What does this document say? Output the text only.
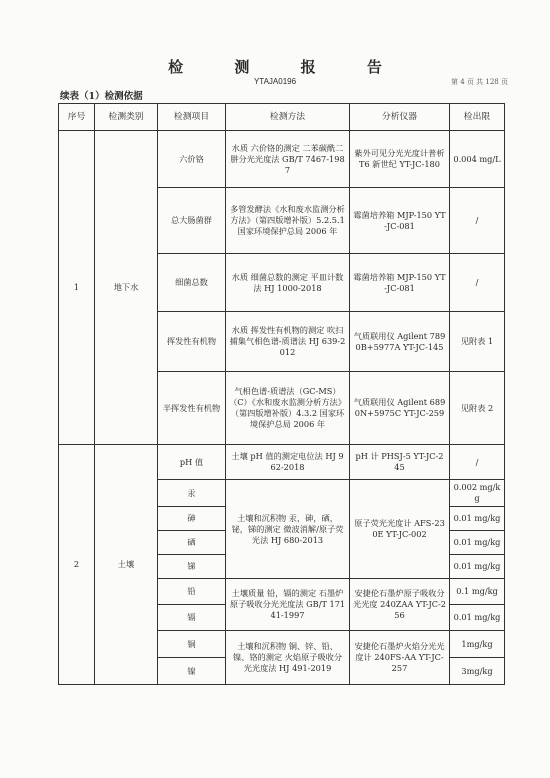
检 测 报 告
YTAJA0196	第 4 页 共 128 页
续表（1）检测依据
序号	检测类别	检测项目	检测方法	分析仪器	检出限
1	地下水	六价铬	水质 六价铬的测定 二苯碳酰二肼分光光度法 GB/T 7467-1987	紫外可见分光光度计普析 T6 新世纪 YT-JC-180	0.004 mg/L
		总大肠菌群	多管发酵法《水和废水监测分析方法》（第四版增补版）5.2.5.1 国家环境保护总局 2006 年	霉菌培养箱 MJP-150 YT-JC-081	/
		细菌总数	水质 细菌总数的测定 平皿计数法 HJ 1000-2018	霉菌培养箱 MJP-150 YT-JC-081	/
		挥发性有机物	水质 挥发性有机物的测定 吹扫捕集气相色谱-质谱法 HJ 639-2012	气质联用仪 Agilent 7890B+5977A YT-JC-145	见附表 1
		半挥发性有机物	气相色谱-质谱法（GC-MS）（C）《水和废水监测分析方法》（第四版增补版）4.3.2 国家环境保护总局 2006 年	气质联用仪 Agilent 6890N+5975C YT-JC-259	见附表 2
2	土壤	pH 值	土壤 pH 值的测定电位法 HJ 962-2018	pH 计 PHSJ-5 YT-JC-245	/
		汞	土壤和沉积物 汞，砷，硒，铋，锑的测定 微波消解/原子荧光法 HJ 680-2013	原子荧光光度计 AFS-230E YT-JC-002	0.002 mg/kg
		砷			0.01 mg/kg
		硒			0.01 mg/kg
		锑			0.01 mg/kg
		铅	土壤质量 铅，镉的测定 石墨炉原子吸收分光光度法 GB/T 17141-1997	安捷伦石墨炉原子吸收分光光度 240ZAA YT-JC-256	0.1 mg/kg
		镉			0.01 mg/kg
		铜	土壤和沉积物 铜、锌、铅、镍、铬的测定 火焰原子吸收分光光度法 HJ 491-2019	安捷伦石墨炉火焰分光光度计 240FS-AA YT-JC-257	1mg/kg
		镍			3mg/kg
